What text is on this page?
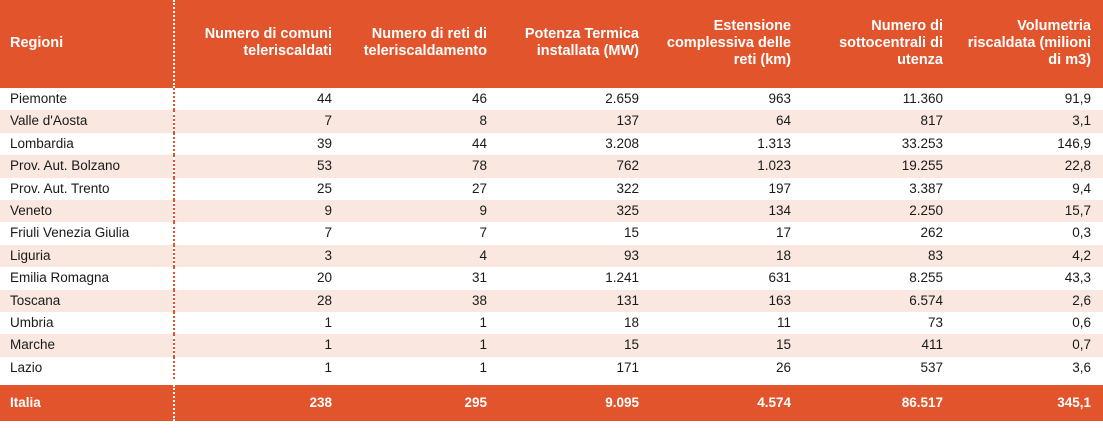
Regioni	Numero di comuni teleriscaldati	Numero di reti di teleriscaldamento	Potenza Termica installata (MW)	Estensione complessiva delle reti (km)	Numero di sottocentrali di utenza	Volumetria riscaldata (milioni di m3)
Piemonte	44	46	2.659	963	11.360	91,9
Valle d'Aosta	7	8	137	64	817	3,1
Lombardia	39	44	3.208	1.313	33.253	146,9
Prov. Aut. Bolzano	53	78	762	1.023	19.255	22,8
Prov. Aut. Trento	25	27	322	197	3.387	9,4
Veneto	9	9	325	134	2.250	15,7
Friuli Venezia Giulia	7	7	15	17	262	0,3
Liguria	3	4	93	18	83	4,2
Emilia Romagna	20	31	1.241	631	8.255	43,3
Toscana	28	38	131	163	6.574	2,6
Umbria	1	1	18	11	73	0,6
Marche	1	1	15	15	411	0,7
Lazio	1	1	171	26	537	3,6

Italia	238	295	9.095	4.574	86.517	345,1
